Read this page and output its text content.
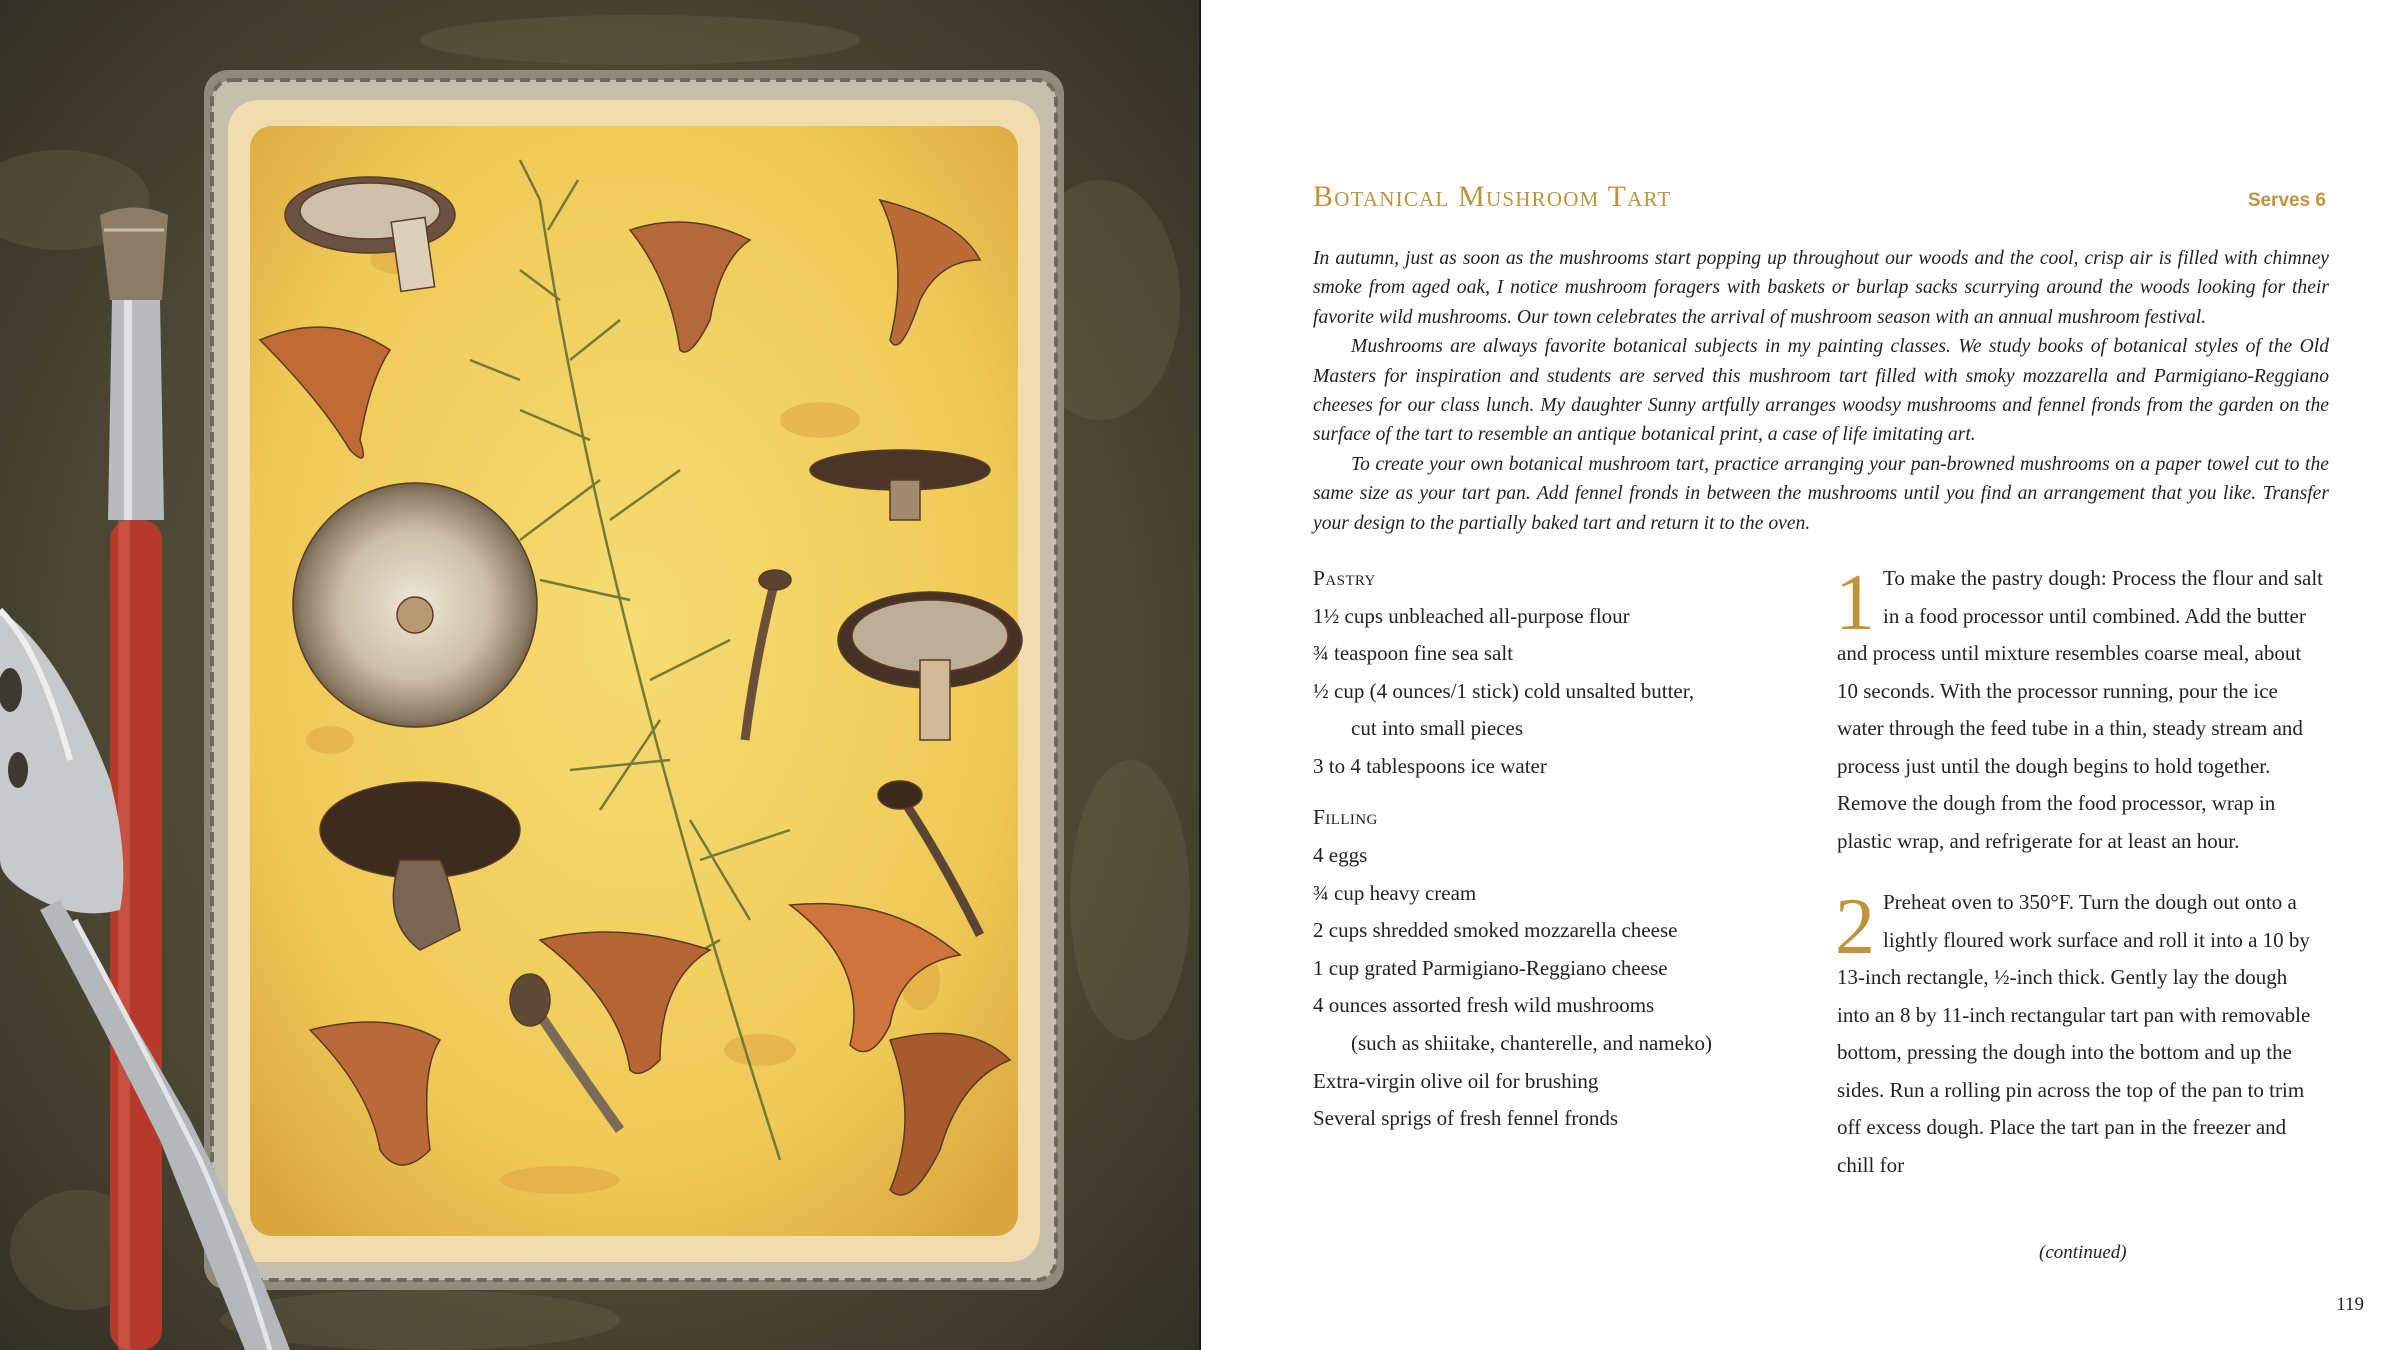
Botanical Mushroom Tart	Serves 6

In autumn, just as soon as the mushrooms start popping up throughout our woods and the cool, crisp air is filled with chimney smoke from aged oak, I notice mushroom foragers with baskets or burlap sacks scurrying around the woods looking for their favorite wild mushrooms. Our town celebrates the arrival of mushroom season with an annual mushroom festival.

Mushrooms are always favorite botanical subjects in my painting classes. We study books of botanical styles of the Old Masters for inspiration and students are served this mushroom tart filled with smoky mozzarella and Parmigiano-Reggiano cheeses for our class lunch. My daughter Sunny artfully arranges woodsy mushrooms and fennel fronds from the garden on the surface of the tart to resemble an antique botanical print, a case of life imitating art.

To create your own botanical mushroom tart, practice arranging your pan-browned mushrooms on a paper towel cut to the same size as your tart pan. Add fennel fronds in between the mushrooms until you find an arrangement that you like. Transfer your design to the partially baked tart and return it to the oven.

Pastry
1½ cups unbleached all-purpose flour
¾ teaspoon fine sea salt
½ cup (4 ounces/1 stick) cold unsalted butter,
cut into small pieces
3 to 4 tablespoons ice water
Filling
4 eggs
¾ cup heavy cream
2 cups shredded smoked mozzarella cheese
1 cup grated Parmigiano-Reggiano cheese
4 ounces assorted fresh wild mushrooms
(such as shiitake, chanterelle, and nameko)
Extra-virgin olive oil for brushing
Several sprigs of fresh fennel fronds

1 To make the pastry dough: Process the flour and salt in a food processor until combined. Add the butter and process until mixture resembles coarse meal, about 10 seconds. With the processor running, pour the ice water through the feed tube in a thin, steady stream and process just until the dough begins to hold together. Remove the dough from the food processor, wrap in plastic wrap, and refrigerate for at least an hour.

2 Preheat oven to 350°F. Turn the dough out onto a lightly floured work surface and roll it into a 10 by 13-inch rectangle, ½-inch thick. Gently lay the dough into an 8 by 11-inch rectangular tart pan with removable bottom, pressing the dough into the bottom and up the sides. Run a rolling pin across the top of the pan to trim off excess dough. Place the tart pan in the freezer and chill for

(continued)
119
